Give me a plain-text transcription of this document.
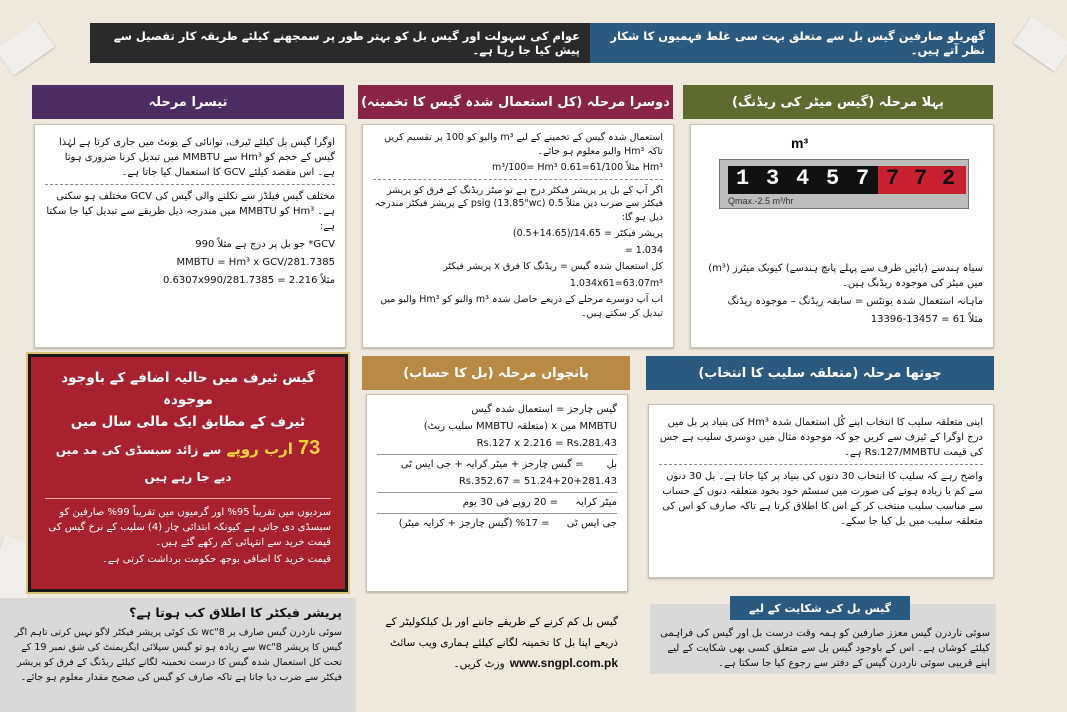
گھریلو صارفین گیس بل سے متعلق بہت سی غلط فہمیوں کا شکار نظر آتے ہیں۔
عوام کی سہولت اور گیس بل کو بہتر طور پر سمجھنے کیلئے طریقہ کار تفصیل سے پیش کیا جا رہا ہے۔
پہلا مرحلہ (گیس میٹر کی ریڈنگ)
m³
1 3 4 5 7 7 7 2
Qmax.-2.5 m³/hr

سیاہ ہندسے (بائیں طرف سے پہلے پانچ ہندسے) کیوبک میٹرز (m³) میں میٹر کی موجودہ ریڈنگ ہیں۔

ماہانہ استعمال شدہ یونٹس = سابقہ ریڈنگ – موجودہ ریڈنگ

مثلاً 61 = 13457-13396

دوسرا مرحلہ (کل استعمال شدہ گیس کا تخمینہ)

استعمال شدہ گیس کے تخمینے کے لیے m³ والیو کو 100 پر تقسیم کریں تاکہ Hm³ والیو معلوم ہو جائے۔

Hm³ مثلاً 61/100=0.61 m³/100= Hm³

اگر آپ کے بل پر پریشر فیکٹر درج ہے تو میٹر ریڈنگ کے فرق کو پریشر فیکٹر سے ضرب دیں مثلاً 0.5 psig (13.85"wc) کے پریشر فیکٹر مندرجہ ذیل ہو گا:

پریشر فیکٹر = 14.65/(14.65+0.5)

1.034 =

کل استعمال شدہ گیس = ریڈنگ کا فرق x پریشر فیکٹر

1.034x61=63.07m³

اب آپ دوسرے مرحلے کے ذریعے حاصل شدہ m³ والیو کو Hm³ والیو میں تبدیل کر سکتے ہیں۔

تیسرا مرحلہ

اوگرا گیس بل کیلئے ٹیرف، توانائی کے یونٹ میں جاری کرتا ہے لہٰذا گیس کے حجم کو Hm³ سے MMBTU میں تبدیل کرنا ضروری ہوتا ہے۔ اس مقصد کیلئے GCV کا استعمال کیا جاتا ہے۔

مختلف گیس فیلڈز سے نکلنے والی گیس کی GCV مختلف ہو سکتی ہے۔ Hm³ کو MMBTU میں مندرجہ ذیل طریقے سے تبدیل کیا جا سکتا ہے:

GCV* جو بل پر درج ہے مثلاً 990

MMBTU = Hm³ x GCV/281.7385

مثلاً 0.6307x990/281.7385 = 2.216

گیس ٹیرف میں حالیہ اضافے کے باوجود موجودہ
ٹیرف کے مطابق ایک مالی سال میں
73 ارب روپے سے زائد سبسڈی کی مد میں دیے جا رہے ہیں
سردیوں میں تقریباً 95% اور گرمیوں میں تقریباً 99% صارفین کو سبسڈی دی جاتی ہے کیونکہ ابتدائی چار (4) سلیب کے نرخ گیس کی قیمت خرید سے انتہائی کم رکھے گئے ہیں۔
قیمت خرید کا اضافی بوجھ حکومت برداشت کرتی ہے۔
پانچواں مرحلہ (بل کا حساب)

گیس چارجز = استعمال شدہ گیس

MMBTU میں x (متعلقہ MMBTU سلیب ریٹ)

Rs.127 x 2.216 = Rs.281.43

بل = گیس چارجز + میٹر کرایہ + جی ایس ٹی

51.24+20+281.43 = Rs.352.67

میٹر کرایہ = 20 روپے فی 30 یوم

جی ایس ٹی = 17% (گیس چارجز + کرایہ میٹر)

چوتھا مرحلہ (متعلقہ سلیب کا انتخاب)

اپنی متعلقہ سلیب کا انتخاب اپنے کُل استعمال شدہ Hm³ کی بنیاد پر بل میں درج اوگرا کے ٹیرف سے کریں جو کہ موجودہ مثال میں دوسری سلیب ہے جس کی قیمت Rs.127/MMBTU ہے۔

واضح رہے کہ سلیب کا انتخاب 30 دنوں کی بنیاد پر کیا جاتا ہے۔ بل 30 دنوں سے کم یا زیادہ ہونے کی صورت میں سسٹم خود بخود متعلقہ دنوں کے حساب سے مناسب سلیب منتخب کر کے اس کا اطلاق کرتا ہے تاکہ صارف کو اس کی متعلقہ سلیب میں بل کیا جا سکے۔

پریشر فیکٹر کا اطلاق کب ہوتا ہے؟
سوئی ناردرن گیس صارف پر 8"wc تک کوئی پریشر فیکٹر لاگو نہیں کرتی تاہم اگر گیس کا پریشر 8"wc سے زیادہ ہو تو گیس سپلائی ایگریمنٹ کی شق نمبر 19 کے تحت کل استعمال شدہ گیس کا درست تخمینہ لگانے کیلئے ریڈنگ کے فرق کو پریشر فیکٹر سے ضرب دیا جاتا ہے تاکہ صارف کو گیس کی صحیح مقدار معلوم ہو جائے۔
گیس بل کم کرنے کے طریقے جاننے اور بل کیلکولیٹر کے ذریعے اپنا بل کا تخمینہ لگانے کیلئے ہماری ویب سائٹ www.sngpl.com.pk وزٹ کریں۔
گیس بل کی شکایت کے لیے
سوئی ناردرن گیس معزز صارفین کو ہمہ وقت درست بل اور گیس کی فراہمی کیلئے کوشاں ہے۔ اس کے باوجود گیس بل سے متعلق کسی بھی شکایت کے لیے اپنے قریبی سوئی ناردرن گیس کے دفتر سے رجوع کیا جا سکتا ہے۔
